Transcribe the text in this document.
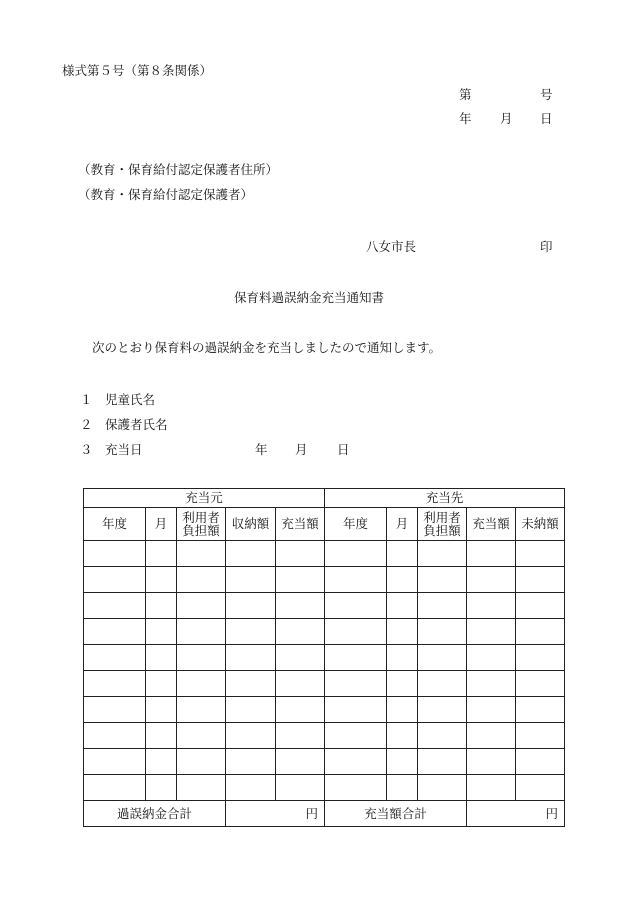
様式第５号（第８条関係）
第	号
年 月 日
（教育・保育給付認定保護者住所）
（教育・保育給付認定保護者）
八女市長	印
保育料過誤納金充当通知書
次のとおり保育料の過誤納金を充当しましたので通知します。
１ 児童氏名
２ 保護者氏名
３ 充当日	年 月 日
充当元					充当先				
年度	月	利用者負担額	収納額	充当額	年度	月	利用者負担額	充当額	未納額

過誤納金合計			円		充当額合計			円	
